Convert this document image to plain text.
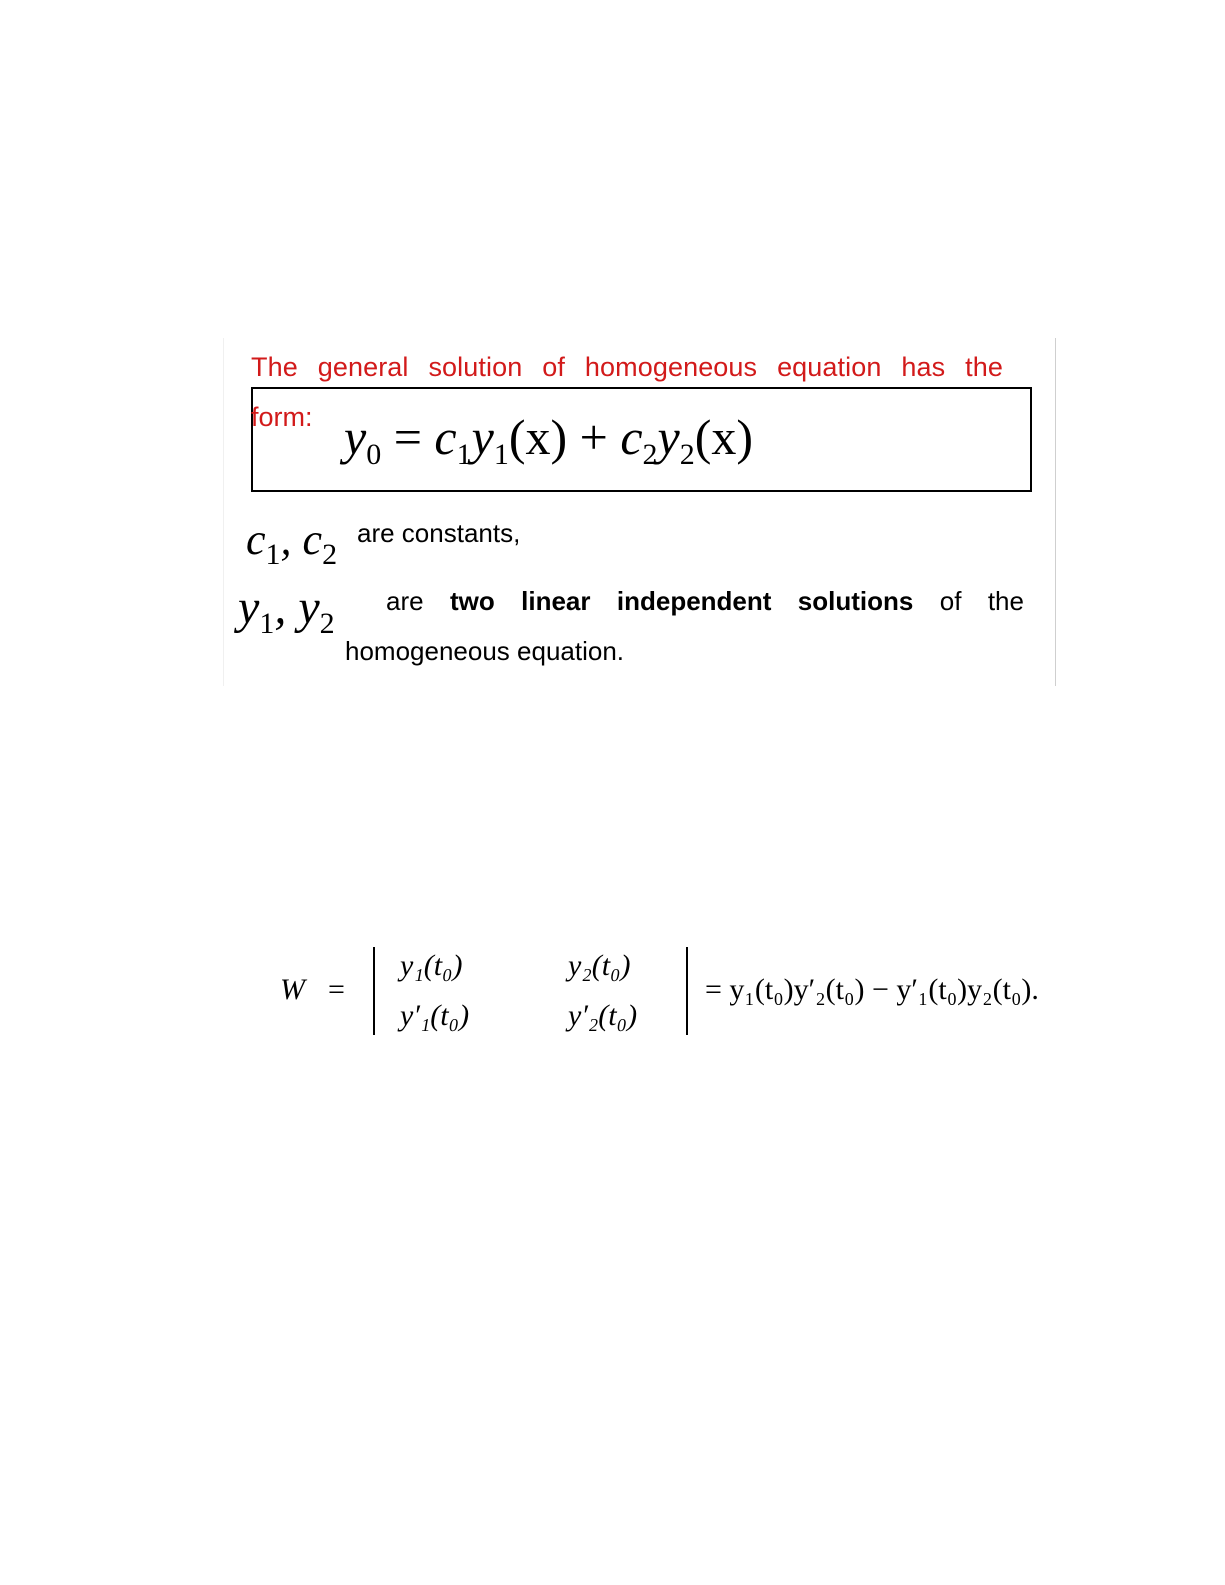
The general solution of homogeneous equation has the
form: $y_0 = c_1y_1(x) + c_2y_2(x)$
$c_1$, $c_2$
are constants,
$y_1$, $y_2$
are two linear independent solutions of the
homogeneous equation.
W =
y₁(t₀)	y₂(t₀)
y′₁(t₀)	y′₂(t₀)
= y₁(t₀)y′₂(t₀) − y′₁(t₀)y₂(t₀).
